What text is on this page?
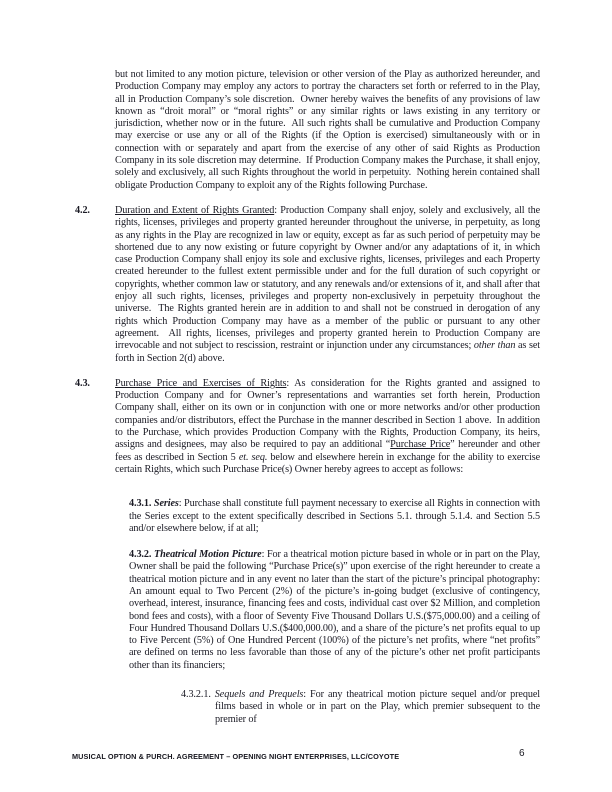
but not limited to any motion picture, television or other version of the Play as authorized hereunder, and Production Company may employ any actors to portray the characters set forth or referred to in the Play, all in Production Company’s sole discretion.  Owner hereby waives the benefits of any provisions of law known as “droit moral” or “moral rights” or any similar rights or laws existing in any territory or jurisdiction, whether now or in the future.  All such rights shall be cumulative and Production Company may exercise or use any or all of the Rights (if the Option is exercised) simultaneously with or in connection with or separately and apart from the exercise of any other of said Rights as Production Company in its sole discretion may determine.  If Production Company makes the Purchase, it shall enjoy, solely and exclusively, all such Rights throughout the world in perpetuity.  Nothing herein contained shall obligate Production Company to exploit any of the Rights following Purchase.

4.2. Duration and Extent of Rights Granted: Production Company shall enjoy, solely and exclusively, all the rights, licenses, privileges and property granted hereunder throughout the universe, in perpetuity, as long as any rights in the Play are recognized in law or equity, except as far as such period of perpetuity may be shortened due to any now existing or future copyright by Owner and/or any adaptations of it, in which case Production Company shall enjoy its sole and exclusive rights, licenses, privileges and each Property created hereunder to the fullest extent permissible under and for the full duration of such copyright or copyrights, whether common law or statutory, and any renewals and/or extensions of it, and shall after that enjoy all such rights, licenses, privileges and property non-exclusively in perpetuity throughout the universe.  The Rights granted herein are in addition to and shall not be construed in derogation of any rights which Production Company may have as a member of the public or pursuant to any other agreement.  All rights, licenses, privileges and property granted herein to Production Company are irrevocable and not subject to rescission, restraint or injunction under any circumstances; other than as set forth in Section 2(d) above.

4.3. Purchase Price and Exercises of Rights: As consideration for the Rights granted and assigned to Production Company and for Owner’s representations and warranties set forth herein, Production Company shall, either on its own or in conjunction with one or more networks and/or other production companies and/or distributors, effect the Purchase in the manner described in Section 1 above.  In addition to the Purchase, which provides Production Company with the Rights, Production Company, its heirs, assigns and designees, may also be required to pay an additional “Purchase Price” hereunder and other fees as described in Section 5 et. seq. below and elsewhere herein in exchange for the ability to exercise certain Rights, which such Purchase Price(s) Owner hereby agrees to accept as follows:

4.3.1. Series: Purchase shall constitute full payment necessary to exercise all Rights in connection with the Series except to the extent specifically described in Sections 5.1. through 5.1.4. and Section 5.5 and/or elsewhere below, if at all;

4.3.2. Theatrical Motion Picture: For a theatrical motion picture based in whole or in part on the Play, Owner shall be paid the following “Purchase Price(s)” upon exercise of the right hereunder to create a theatrical motion picture and in any event no later than the start of the picture’s principal photography: An amount equal to Two Percent (2%) of the picture’s in-going budget (exclusive of contingency, overhead, interest, insurance, financing fees and costs, individual cast over $2 Million, and completion bond fees and costs), with a floor of Seventy Five Thousand Dollars U.S.($75,000.00) and a ceiling of Four Hundred Thousand Dollars U.S.($400,000.00), and a share of the picture’s net profits equal to up to Five Percent (5%) of One Hundred Percent (100%) of the picture’s net profits, where “net profits” are defined on terms no less favorable than those of any of the picture’s other net profit participants other than its financiers;

4.3.2.1. Sequels and Prequels: For any theatrical motion picture sequel and/or prequel films based in whole or in part on the Play, which premier subsequent to the premier of

MUSICAL OPTION & PURCH. AGREEMENT – OPENING NIGHT ENTERPRISES, LLC/COYOTE	6
